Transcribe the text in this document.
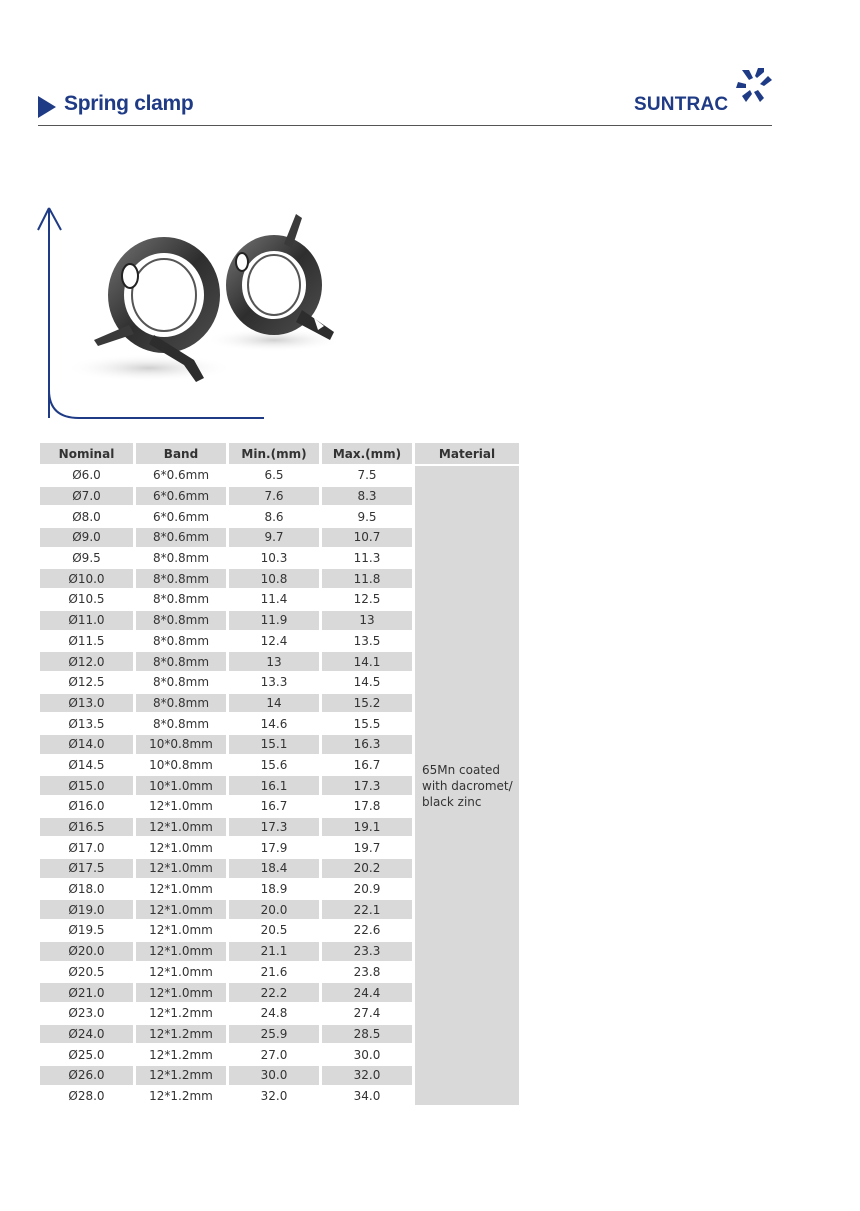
Spring clamp	SUNTRAC
Nominal	Band	Min.(mm)	Max.(mm)	Material
Ø6.0	6*0.6mm	6.5	7.5	65Mn coated with dacromet/ black zinc
Ø7.0	6*0.6mm	7.6	8.3	
Ø8.0	6*0.6mm	8.6	9.5	
Ø9.0	8*0.6mm	9.7	10.7	
Ø9.5	8*0.8mm	10.3	11.3	
Ø10.0	8*0.8mm	10.8	11.8	
Ø10.5	8*0.8mm	11.4	12.5	
Ø11.0	8*0.8mm	11.9	13	
Ø11.5	8*0.8mm	12.4	13.5	
Ø12.0	8*0.8mm	13	14.1	
Ø12.5	8*0.8mm	13.3	14.5	
Ø13.0	8*0.8mm	14	15.2	
Ø13.5	8*0.8mm	14.6	15.5	
Ø14.0	10*0.8mm	15.1	16.3	
Ø14.5	10*0.8mm	15.6	16.7	
Ø15.0	10*1.0mm	16.1	17.3	
Ø16.0	12*1.0mm	16.7	17.8	
Ø16.5	12*1.0mm	17.3	19.1	
Ø17.0	12*1.0mm	17.9	19.7	
Ø17.5	12*1.0mm	18.4	20.2	
Ø18.0	12*1.0mm	18.9	20.9	
Ø19.0	12*1.0mm	20.0	22.1	
Ø19.5	12*1.0mm	20.5	22.6	
Ø20.0	12*1.0mm	21.1	23.3	
Ø20.5	12*1.0mm	21.6	23.8	
Ø21.0	12*1.0mm	22.2	24.4	
Ø23.0	12*1.2mm	24.8	27.4	
Ø24.0	12*1.2mm	25.9	28.5	
Ø25.0	12*1.2mm	27.0	30.0	
Ø26.0	12*1.2mm	30.0	32.0	
Ø28.0	12*1.2mm	32.0	34.0	
